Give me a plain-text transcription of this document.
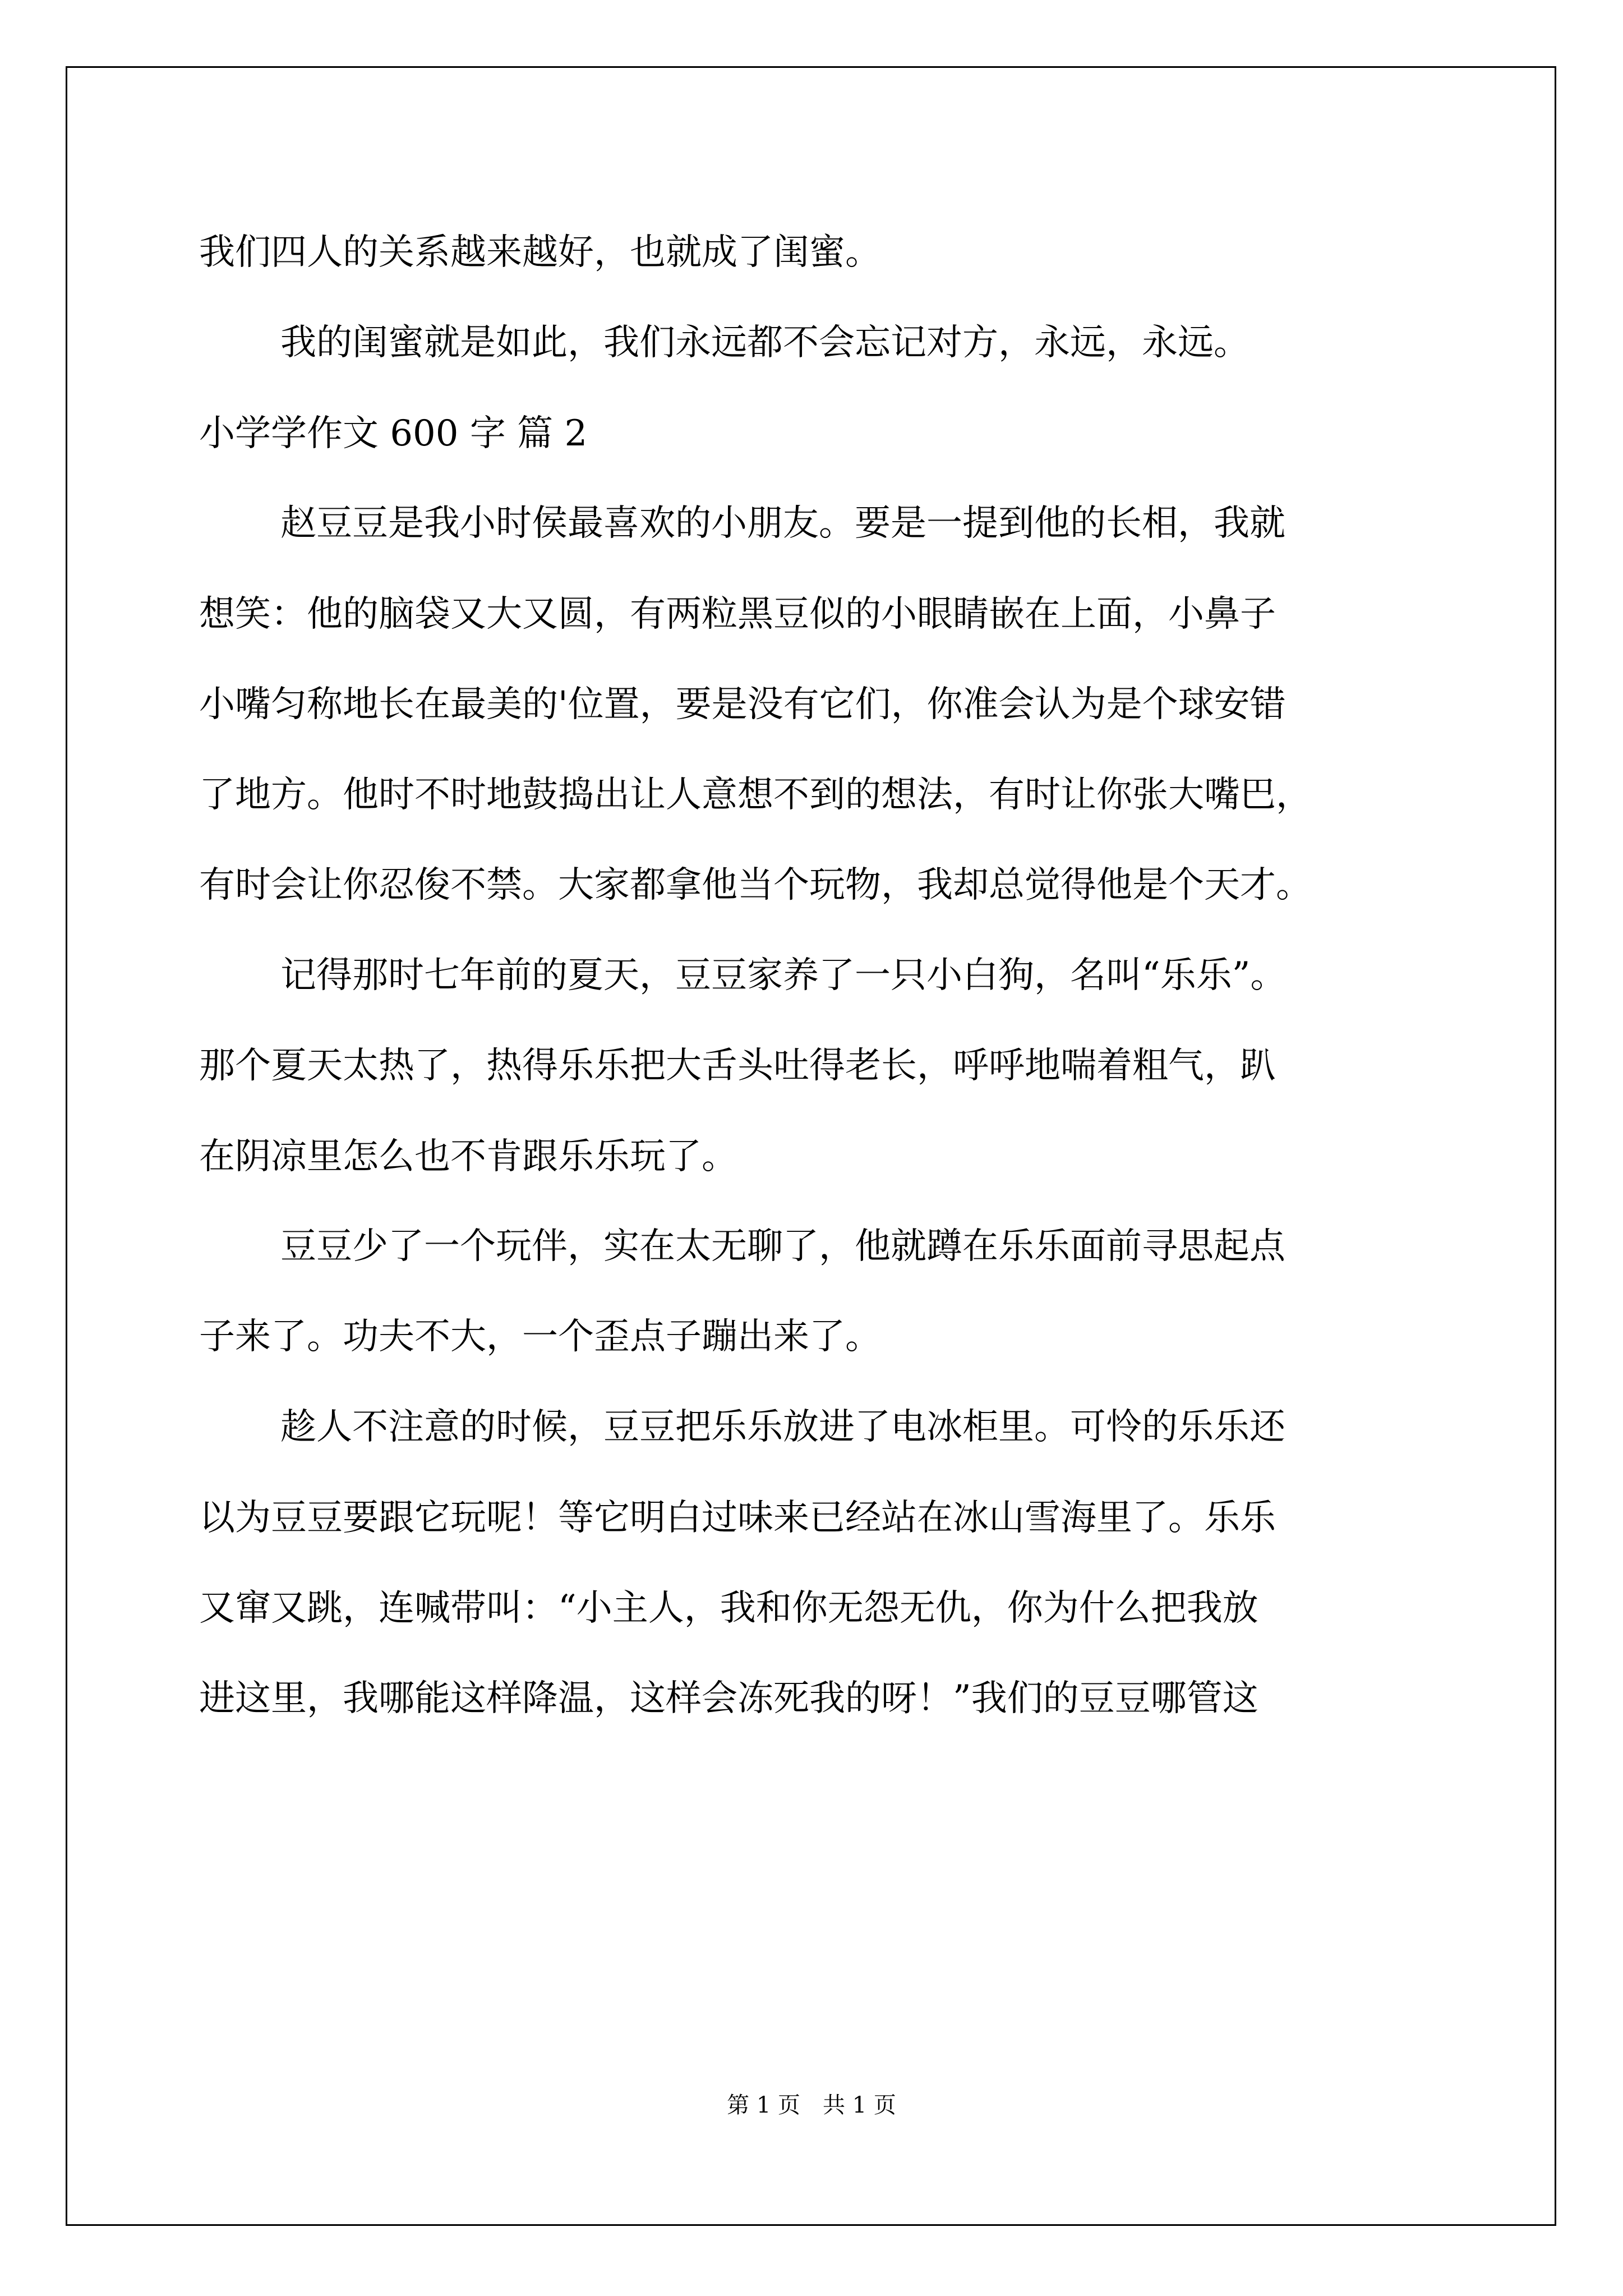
我们四人的关系越来越好，也就成了闺蜜。
我的闺蜜就是如此，我们永远都不会忘记对方，永远，永远。
小学学作文 600 字 篇 2
赵豆豆是我小时侯最喜欢的小朋友。要是一提到他的长相，我就
想笑：他的脑袋又大又圆，有两粒黑豆似的小眼睛嵌在上面，小鼻子
小嘴匀称地长在最美的'位置，要是没有它们，你准会认为是个球安错
了地方。他时不时地鼓捣出让人意想不到的想法，有时让你张大嘴巴，
有时会让你忍俊不禁。大家都拿他当个玩物，我却总觉得他是个天才。
记得那时七年前的夏天，豆豆家养了一只小白狗，名叫“乐乐”。
那个夏天太热了，热得乐乐把大舌头吐得老长，呼呼地喘着粗气，趴
在阴凉里怎么也不肯跟乐乐玩了。
豆豆少了一个玩伴，实在太无聊了，他就蹲在乐乐面前寻思起点
子来了。功夫不大，一个歪点子蹦出来了。
趁人不注意的时候，豆豆把乐乐放进了电冰柜里。可怜的乐乐还
以为豆豆要跟它玩呢！等它明白过味来已经站在冰山雪海里了。乐乐
又窜又跳，连喊带叫：“小主人，我和你无怨无仇，你为什么把我放
进这里，我哪能这样降温，这样会冻死我的呀！”我们的豆豆哪管这
第 1 页　共 1 页
